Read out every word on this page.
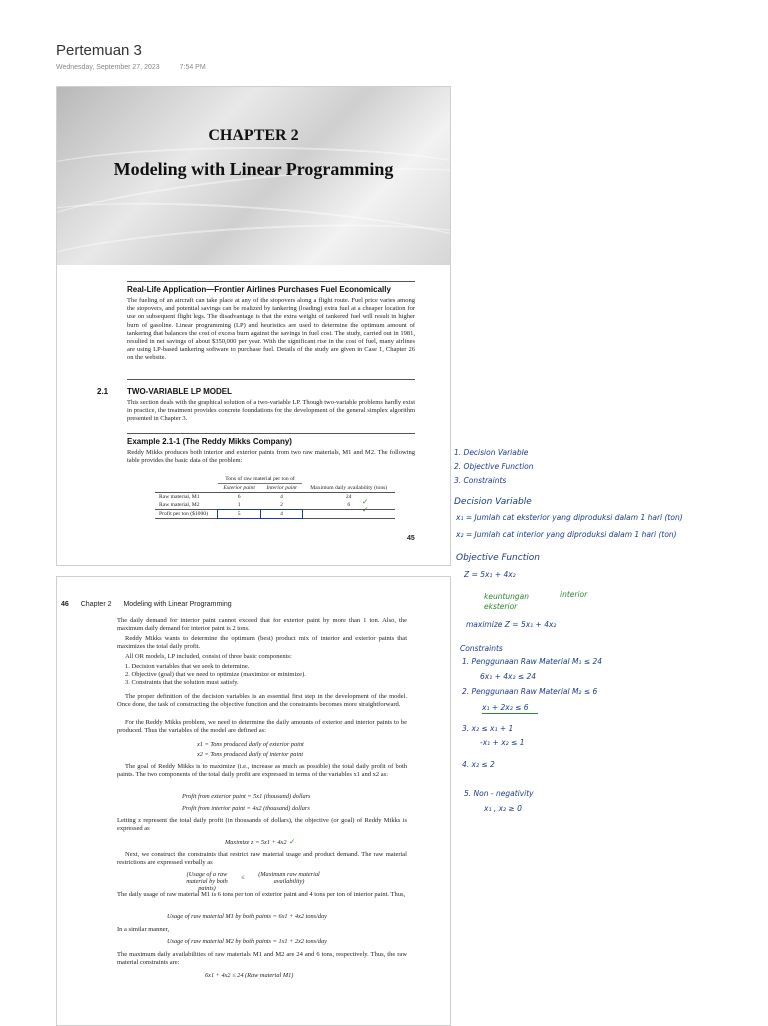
Pertemuan 3
Wednesday, September 27, 2023	7:54 PM
CHAPTER 2
Modeling with Linear Programming
Real-Life Application—Frontier Airlines Purchases Fuel Economically
The fueling of an aircraft can take place at any of the stopovers along a flight route. Fuel price varies among the stopovers, and potential savings can be realized by tankering (loading) extra fuel at a cheaper location for use on subsequent flight legs. The disadvantage is that the extra weight of tankered fuel will result in higher burn of gasoline. Linear programming (LP) and heuristics are used to determine the optimum amount of tankering that balances the cost of excess burn against the savings in fuel cost. The study, carried out in 1981, resulted in net savings of about $350,000 per year. With the significant rise in the cost of fuel, many airlines are using LP-based tankering software to purchase fuel. Details of the study are given in Case 1, Chapter 26 on the website.
2.1 TWO-VARIABLE LP MODEL
This section deals with the graphical solution of a two-variable LP. Though two-variable problems hardly exist in practice, the treatment provides concrete foundations for the development of the general simplex algorithm presented in Chapter 3.
Example 2.1-1 (The Reddy Mikks Company)
Reddy Mikks produces both interior and exterior paints from two raw materials, M1 and M2. The following table provides the basic data of the problem:
	Tons of raw material per ton of		
	Exterior paint	Interior paint	Maximum daily availability (tons)
Raw material, M1	6	4	24
Raw material, M2	1	2	6
Profit per ton ($1000)	5	4	
✓
✓
45
46 Chapter 2 Modeling with Linear Programming
The daily demand for interior paint cannot exceed that for exterior paint by more than 1 ton. Also, the maximum daily demand for interior paint is 2 tons.
Reddy Mikks wants to determine the optimum (best) product mix of interior and exterior paints that maximizes the total daily profit.
All OR models, LP included, consist of three basic components:
1. Decision variables that we seek to determine.
2. Objective (goal) that we need to optimize (maximize or minimize).
3. Constraints that the solution must satisfy.
The proper definition of the decision variables is an essential first step in the development of the model. Once done, the task of constructing the objective function and the constraints becomes more straightforward.
For the Reddy Mikks problem, we need to determine the daily amounts of exterior and interior paints to be produced. Thus the variables of the model are defined as:
x1 = Tons produced daily of exterior paint
x2 = Tons produced daily of interior paint
The goal of Reddy Mikks is to maximize (i.e., increase as much as possible) the total daily profit of both paints. The two components of the total daily profit are expressed in terms of the variables x1 and x2 as:
Profit from exterior paint = 5x1 (thousand) dollars
Profit from interior paint = 4x2 (thousand) dollars
Letting z represent the total daily profit (in thousands of dollars), the objective (or goal) of Reddy Mikks is expressed as
Maximize z = 5x1 + 4x2 ✓
Next, we construct the constraints that restrict raw material usage and product demand. The raw material restrictions are expressed verbally as
(Usage of a raw material by both paints)
≤	(Maximum raw material availability)
The daily usage of raw material M1 is 6 tons per ton of exterior paint and 4 tons per ton of interior paint. Thus,
Usage of raw material M1 by both paints = 6x1 + 4x2 tons/day
In a similar manner,
Usage of raw material M2 by both paints = 1x1 + 2x2 tons/day
The maximum daily availabilities of raw materials M1 and M2 are 24 and 6 tons, respectively. Thus, the raw material constraints are:
6x1 + 4x2 ≤ 24 (Raw material M1)
1. Decision Variable
2. Objective Function
3. Constraints
Decision Variable
x₁ = Jumlah cat eksterior yang diproduksi dalam 1 hari (ton)
x₂ = Jumlah cat interior yang diproduksi dalam 1 hari (ton)
Objective Function
Z = 5x₁ + 4x₂
interior
keuntungan
eksterior
maximize Z = 5x₁ + 4x₂
Constraints
1. Penggunaan Raw Material M₁ ≤ 24
6x₁ + 4x₂ ≤ 24
2. Penggunaan Raw Material M₂ ≤ 6
x₁ + 2x₂ ≤ 6
3. x₂ ≤ x₁ + 1
-x₁ + x₂ ≤ 1
4. x₂ ≤ 2
5. Non - negativity
x₁ , x₂ ≥ 0
